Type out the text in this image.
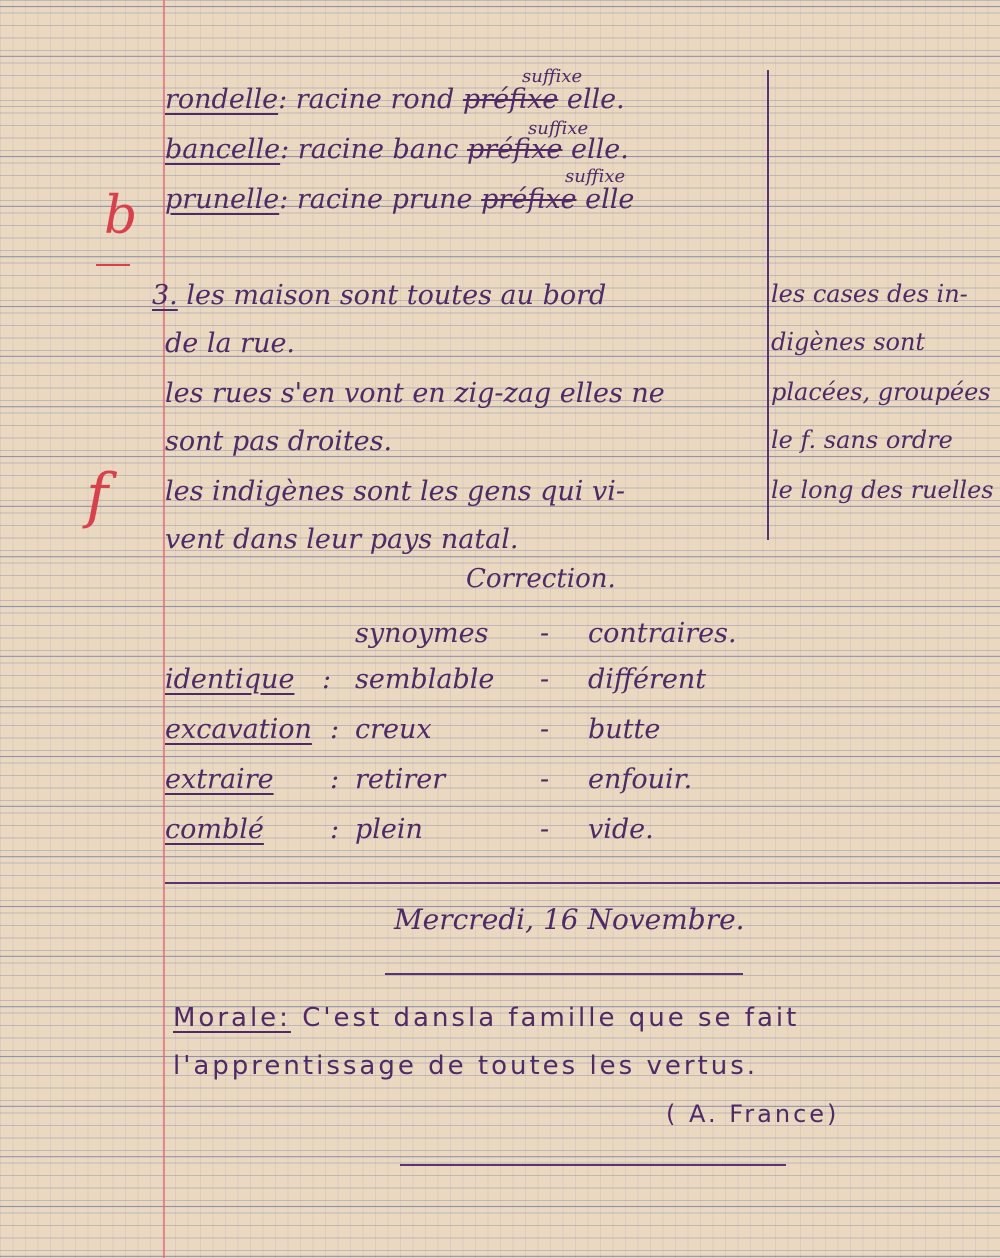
rondelle: racine rond préfixe elle.
suffixe
bancelle: racine banc préfixe elle.
suffixe
prunelle: racine prune préfixe elle
suffixe
b
3. les maison sont toutes au bord
de la rue.
les rues s'en vont en zig-zag elles ne
sont pas droites.
les indigènes sont les gens qui vi-
vent dans leur pays natal.
les cases des in-
digènes sont
placées, groupées
le f. sans ordre
le long des ruelles
f
Correction.
synoymes - contraires.
identique : semblable - différent
excavation : creux	- butte
extraire : retirer	- enfouir.
comblé : plein	- vide.
Mercredi, 16 Novembre.
Morale: C'est dansla famille que se fait
l'apprentissage de toutes les vertus.
( A. France)
